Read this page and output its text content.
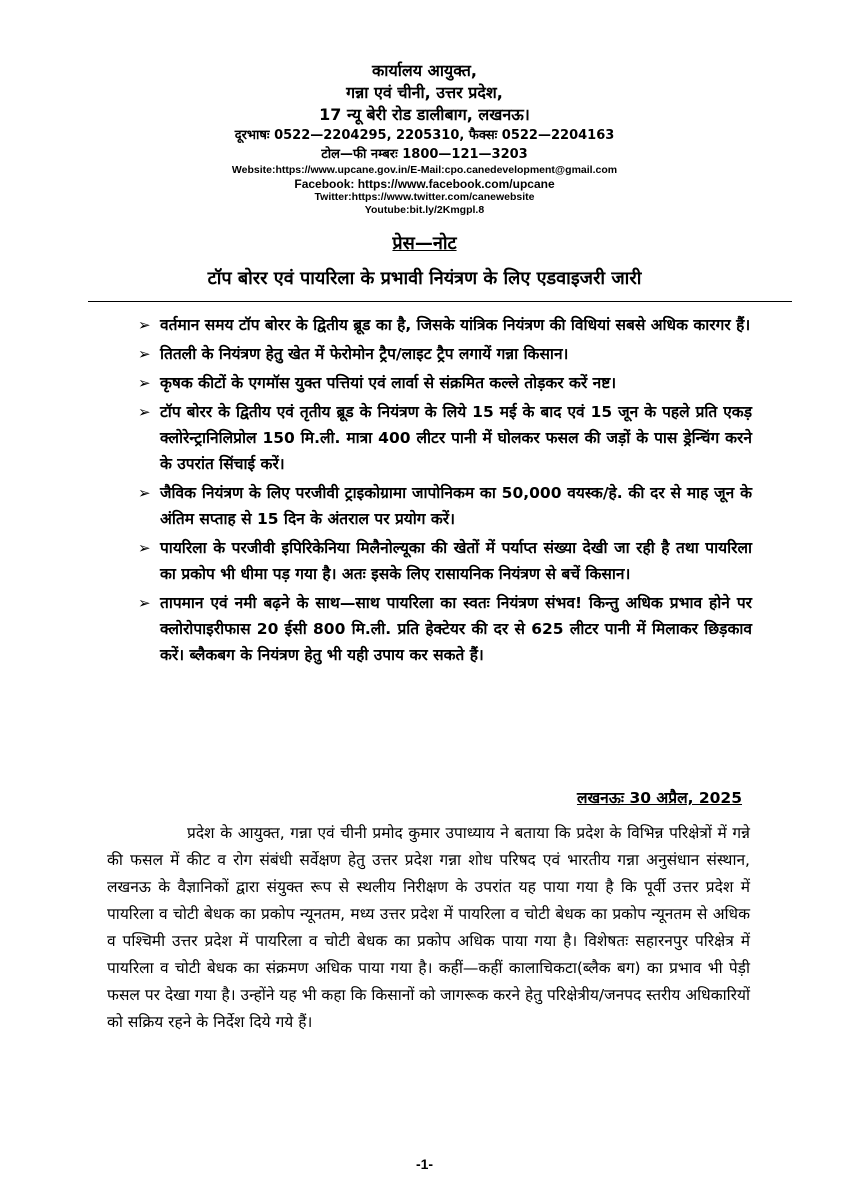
कार्यालय आयुक्त,
गन्ना एवं चीनी, उत्तर प्रदेश,
17 न्यू बेरी रोड डालीबाग, लखनऊ।
दूरभाषः 0522—2204295, 2205310, फैक्सः 0522—2204163
टोल—फी नम्बरः 1800—121—3203
Website:https://www.upcane.gov.in/E-Mail:cpo.canedevelopment@gmail.com
Facebook: https://www.facebook.com/upcane
Twitter:https://www.twitter.com/canewebsite
Youtube:bit.ly/2Kmgpl.8
प्रेस—नोट
टॉप बोरर एवं पायरिला के प्रभावी नियंत्रण के लिए एडवाइजरी जारी
➢ वर्तमान समय टॉप बोरर के द्वितीय ब्रूड का है, जिसके यांत्रिक नियंत्रण की विधियां सबसे अधिक कारगर हैं।
➢ तितली के नियंत्रण हेतु खेत में फेरोमोन ट्रैप/लाइट ट्रैप लगायें गन्ना किसान।
➢ कृषक कीटों के एगमॉस युक्त पत्तियां एवं लार्वा से संक्रमित कल्ले तोड़कर करें नष्ट।
➢ टॉप बोरर के द्वितीय एवं तृतीय ब्रूड के नियंत्रण के लिये 15 मई के बाद एवं 15 जून के पहले प्रति एकड़ क्लोरेन्ट्रानिलिप्रोल 150 मि.ली. मात्रा 400 लीटर पानी में घोलकर फसल की जड़ों के पास ड्रेन्चिंग करने के उपरांत सिंचाई करें।
➢ जैविक नियंत्रण के लिए परजीवी ट्राइकोग्रामा जापोनिकम का 50,000 वयस्क/हे. की दर से माह जून के अंतिम सप्ताह से 15 दिन के अंतराल पर प्रयोग करें।
➢ पायरिला के परजीवी इपिरिकेनिया मिलैनोल्यूका की खेतों में पर्याप्त संख्या देखी जा रही है तथा पायरिला का प्रकोप भी धीमा पड़ गया है। अतः इसके लिए रासायनिक नियंत्रण से बचें किसान।
➢ तापमान एवं नमी बढ़ने के साथ—साथ पायरिला का स्वतः नियंत्रण संभव! किन्तु अधिक प्रभाव होने पर क्लोरोपाइरीफास 20 ईसी 800 मि.ली. प्रति हेक्टेयर की दर से 625 लीटर पानी में मिलाकर छिड़काव करें। ब्लैकबग के नियंत्रण हेतु भी यही उपाय कर सकते हैं।
लखनऊः 30 अप्रैल, 2025

प्रदेश के आयुक्त, गन्ना एवं चीनी प्रमोद कुमार उपाध्याय ने बताया कि प्रदेश के विभिन्न परिक्षेत्रों में गन्ने की फसल में कीट व रोग संबंधी सर्वेक्षण हेतु उत्तर प्रदेश गन्ना शोध परिषद एवं भारतीय गन्ना अनुसंधान संस्थान, लखनऊ के वैज्ञानिकों द्वारा संयुक्त रूप से स्थलीय निरीक्षण के उपरांत यह पाया गया है कि पूर्वी उत्तर प्रदेश में पायरिला व चोटी बेधक का प्रकोप न्यूनतम, मध्य उत्तर प्रदेश में पायरिला व चोटी बेधक का प्रकोप न्यूनतम से अधिक व पश्चिमी उत्तर प्रदेश में पायरिला व चोटी बेधक का प्रकोप अधिक पाया गया है। विशेषतः सहारनपुर परिक्षेत्र में पायरिला व चोटी बेधक का संक्रमण अधिक पाया गया है। कहीं—कहीं कालाचिकटा(ब्लैक बग) का प्रभाव भी पेड़ी फसल पर देखा गया है। उन्होंने यह भी कहा कि किसानों को जागरूक करने हेतु परिक्षेत्रीय/जनपद स्तरीय अधिकारियों को सक्रिय रहने के निर्देश दिये गये हैं।

-1-
